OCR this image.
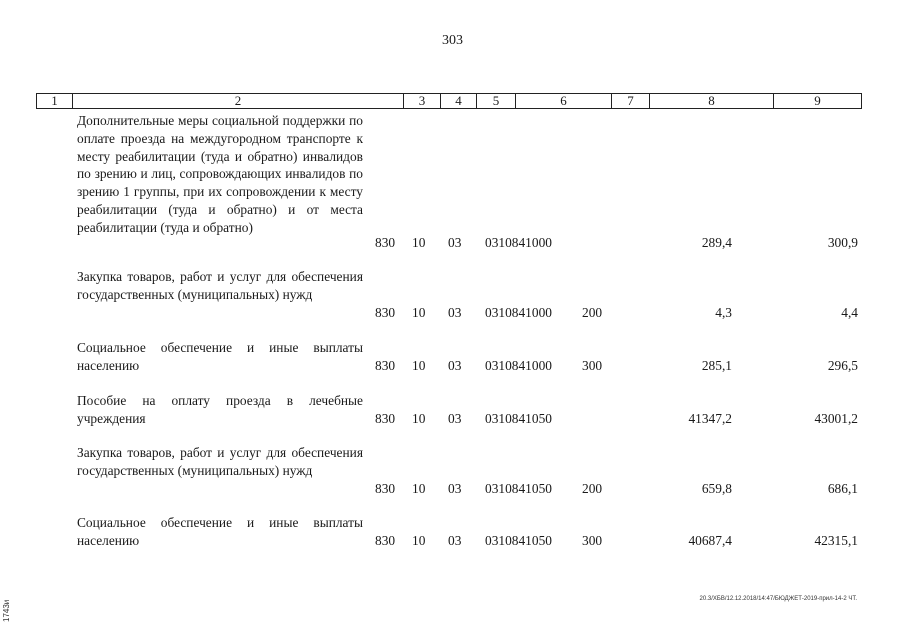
303
1	2	3	4	5	6	7	8	9
Дополнительные меры социальной поддержки по оплате проезда на междугородном транспорте к месту реабилитации (туда и обратно) инвалидов по зрению и лиц, сопровождающих инвалидов по зрению 1 группы, при их сопровождении к месту реабилитации (туда и обратно) и от места реабилитации (туда и обратно)
830 10 03 0310841000	289,4	300,9
Закупка товаров, работ и услуг для обеспечения государственных (муниципальных) нужд
830 10 03 0310841000 200	4,3	4,4
Социальное обеспечение и иные выплаты населению	830 10 03 0310841000 300	285,1	296,5
Пособие на оплату проезда в лечебные учреждения	830 10 03 0310841050	41347,2	43001,2
Закупка товаров, работ и услуг для обеспечения государственных (муниципальных) нужд
830 10 03 0310841050 200	659,8	686,1
Социальное обеспечение и иные выплаты населению	830 10 03 0310841050 300	40687,4	42315,1
20.3/ХБВ/12.12.2018/14:47/БЮДЖЕТ-2019-прил-14-2 ЧТ.
1743и
